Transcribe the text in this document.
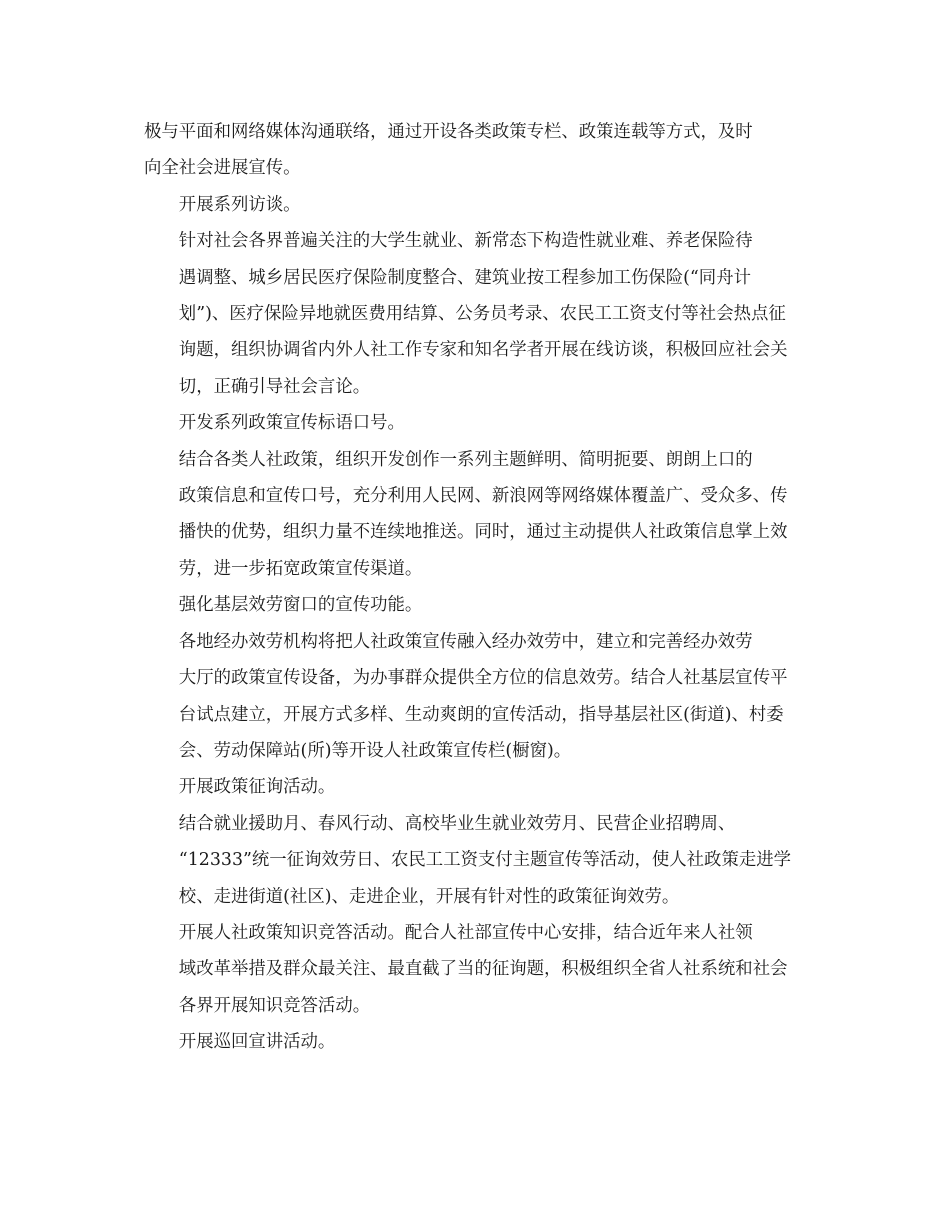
极与平面和网络媒体沟通联络，通过开设各类政策专栏、政策连载等方式，及时
向全社会进展宣传。

开展系列访谈。

针对社会各界普遍关注的大学生就业、新常态下构造性就业难、养老保险待
遇调整、城乡居民医疗保险制度整合、建筑业按工程参加工伤保险(“同舟计
划”)、医疗保险异地就医费用结算、公务员考录、农民工工资支付等社会热点征
询题，组织协调省内外人社工作专家和知名学者开展在线访谈，积极回应社会关
切，正确引导社会言论。

开发系列政策宣传标语口号。

结合各类人社政策，组织开发创作一系列主题鲜明、简明扼要、朗朗上口的
政策信息和宣传口号，充分利用人民网、新浪网等网络媒体覆盖广、受众多、传
播快的优势，组织力量不连续地推送。同时，通过主动提供人社政策信息掌上效
劳，进一步拓宽政策宣传渠道。

强化基层效劳窗口的宣传功能。

各地经办效劳机构将把人社政策宣传融入经办效劳中，建立和完善经办效劳
大厅的政策宣传设备，为办事群众提供全方位的信息效劳。结合人社基层宣传平
台试点建立，开展方式多样、生动爽朗的宣传活动，指导基层社区(街道)、村委
会、劳动保障站(所)等开设人社政策宣传栏(橱窗)。

开展政策征询活动。

结合就业援助月、春风行动、高校毕业生就业效劳月、民营企业招聘周、
“12333”统一征询效劳日、农民工工资支付主题宣传等活动，使人社政策走进学
校、走进街道(社区)、走进企业，开展有针对性的政策征询效劳。

开展人社政策知识竞答活动。配合人社部宣传中心安排，结合近年来人社领
域改革举措及群众最关注、最直截了当的征询题，积极组织全省人社系统和社会
各界开展知识竞答活动。

开展巡回宣讲活动。
